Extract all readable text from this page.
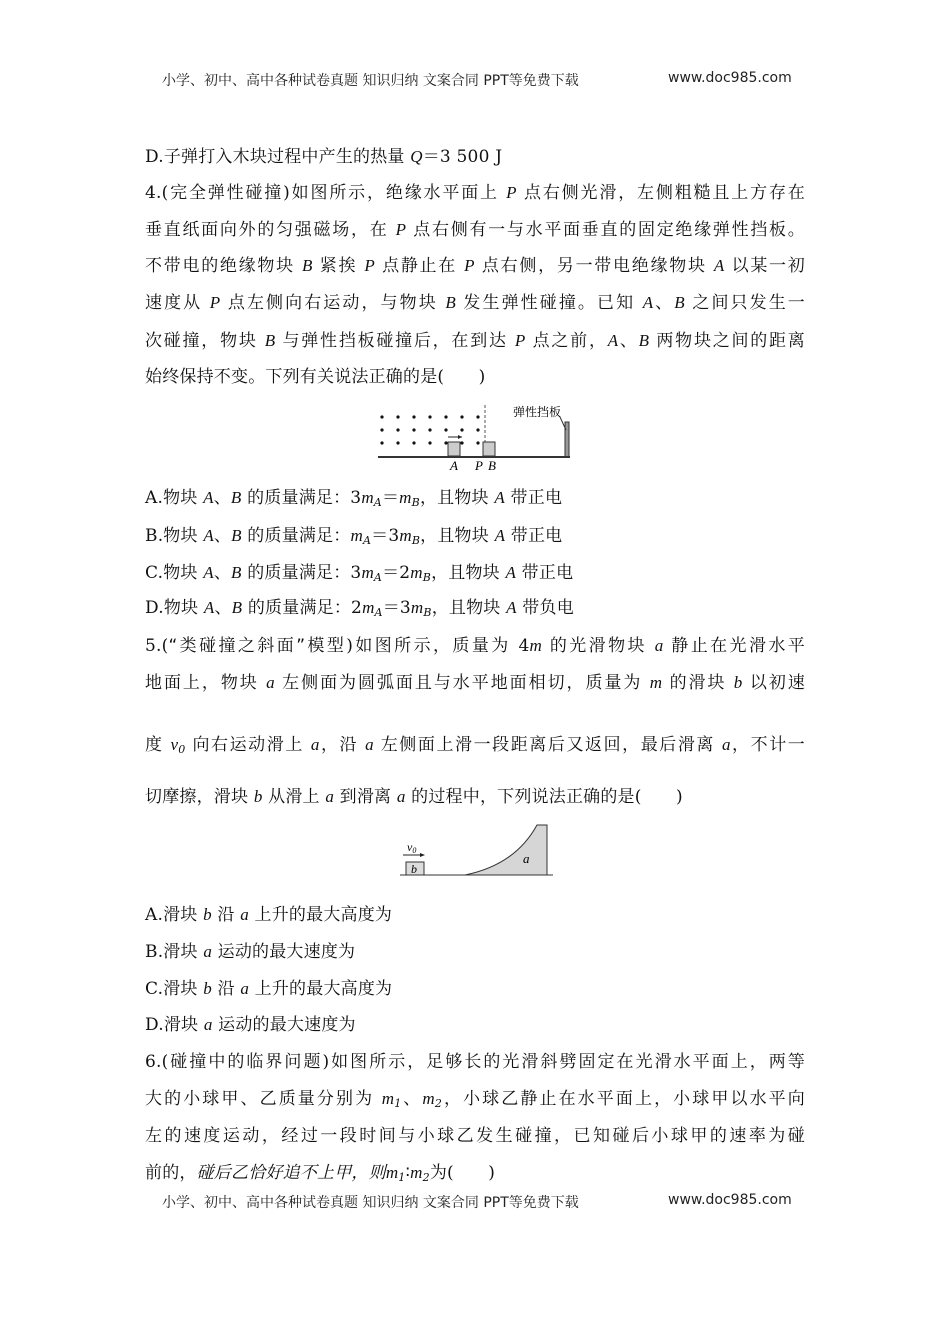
小学、初中、高中各种试卷真题 知识归纳 文案合同 PPT等免费下载	www.doc985.com
D.子弹打入木块过程中产生的热量 Q＝3 500 J
4.(完全弹性碰撞)如图所示，绝缘水平面上 P 点右侧光滑，左侧粗糙且上方存在
垂直纸面向外的匀强磁场，在 P 点右侧有一与水平面垂直的固定绝缘弹性挡板。
不带电的绝缘物块 B 紧挨 P 点静止在 P 点右侧，另一带电绝缘物块 A 以某一初
速度从 P 点左侧向右运动，与物块 B 发生弹性碰撞。已知 A、B 之间只发生一
次碰撞，物块 B 与弹性挡板碰撞后，在到达 P 点之前，A、B 两物块之间的距离
始终保持不变。下列有关说法正确的是(　　)
A.物块 A、B 的质量满足：$3m_A=m_B$，且物块 A 带正电
B.物块 A、B 的质量满足：$m_A=3m_B$，且物块 A 带正电
C.物块 A、B 的质量满足：$3m_A=2m_B$，且物块 A 带正电
D.物块 A、B 的质量满足：$2m_A=3m_B$，且物块 A 带负电
5.(“类碰撞之斜面”模型)如图所示，质量为 4m 的光滑物块 a 静止在光滑水平
地面上，物块 a 左侧面为圆弧面且与水平地面相切，质量为 m 的滑块 b 以初速
度 $v_0$ 向右运动滑上 a，沿 a 左侧面上滑一段距离后又返回，最后滑离 a，不计一
切摩擦，滑块 b 从滑上 a 到滑离 a 的过程中，下列说法正确的是(　　)
A.滑块 b 沿 a 上升的最大高度为
B.滑块 a 运动的最大速度为
C.滑块 b 沿 a 上升的最大高度为
D.滑块 a 运动的最大速度为
6.(碰撞中的临界问题)如图所示，足够长的光滑斜劈固定在光滑水平面上，两等
大的小球甲、乙质量分别为 $m_1$、$m_2$，小球乙静止在水平面上，小球甲以水平向
左的速度运动，经过一段时间与小球乙发生碰撞，已知碰后小球甲的速率为碰
前的，碰后乙恰好追不上甲，则$m_1∶m_2$为(　　)
弹性挡板
A P B
v0
b
a
小学、初中、高中各种试卷真题 知识归纳 文案合同 PPT等免费下载	www.doc985.com
